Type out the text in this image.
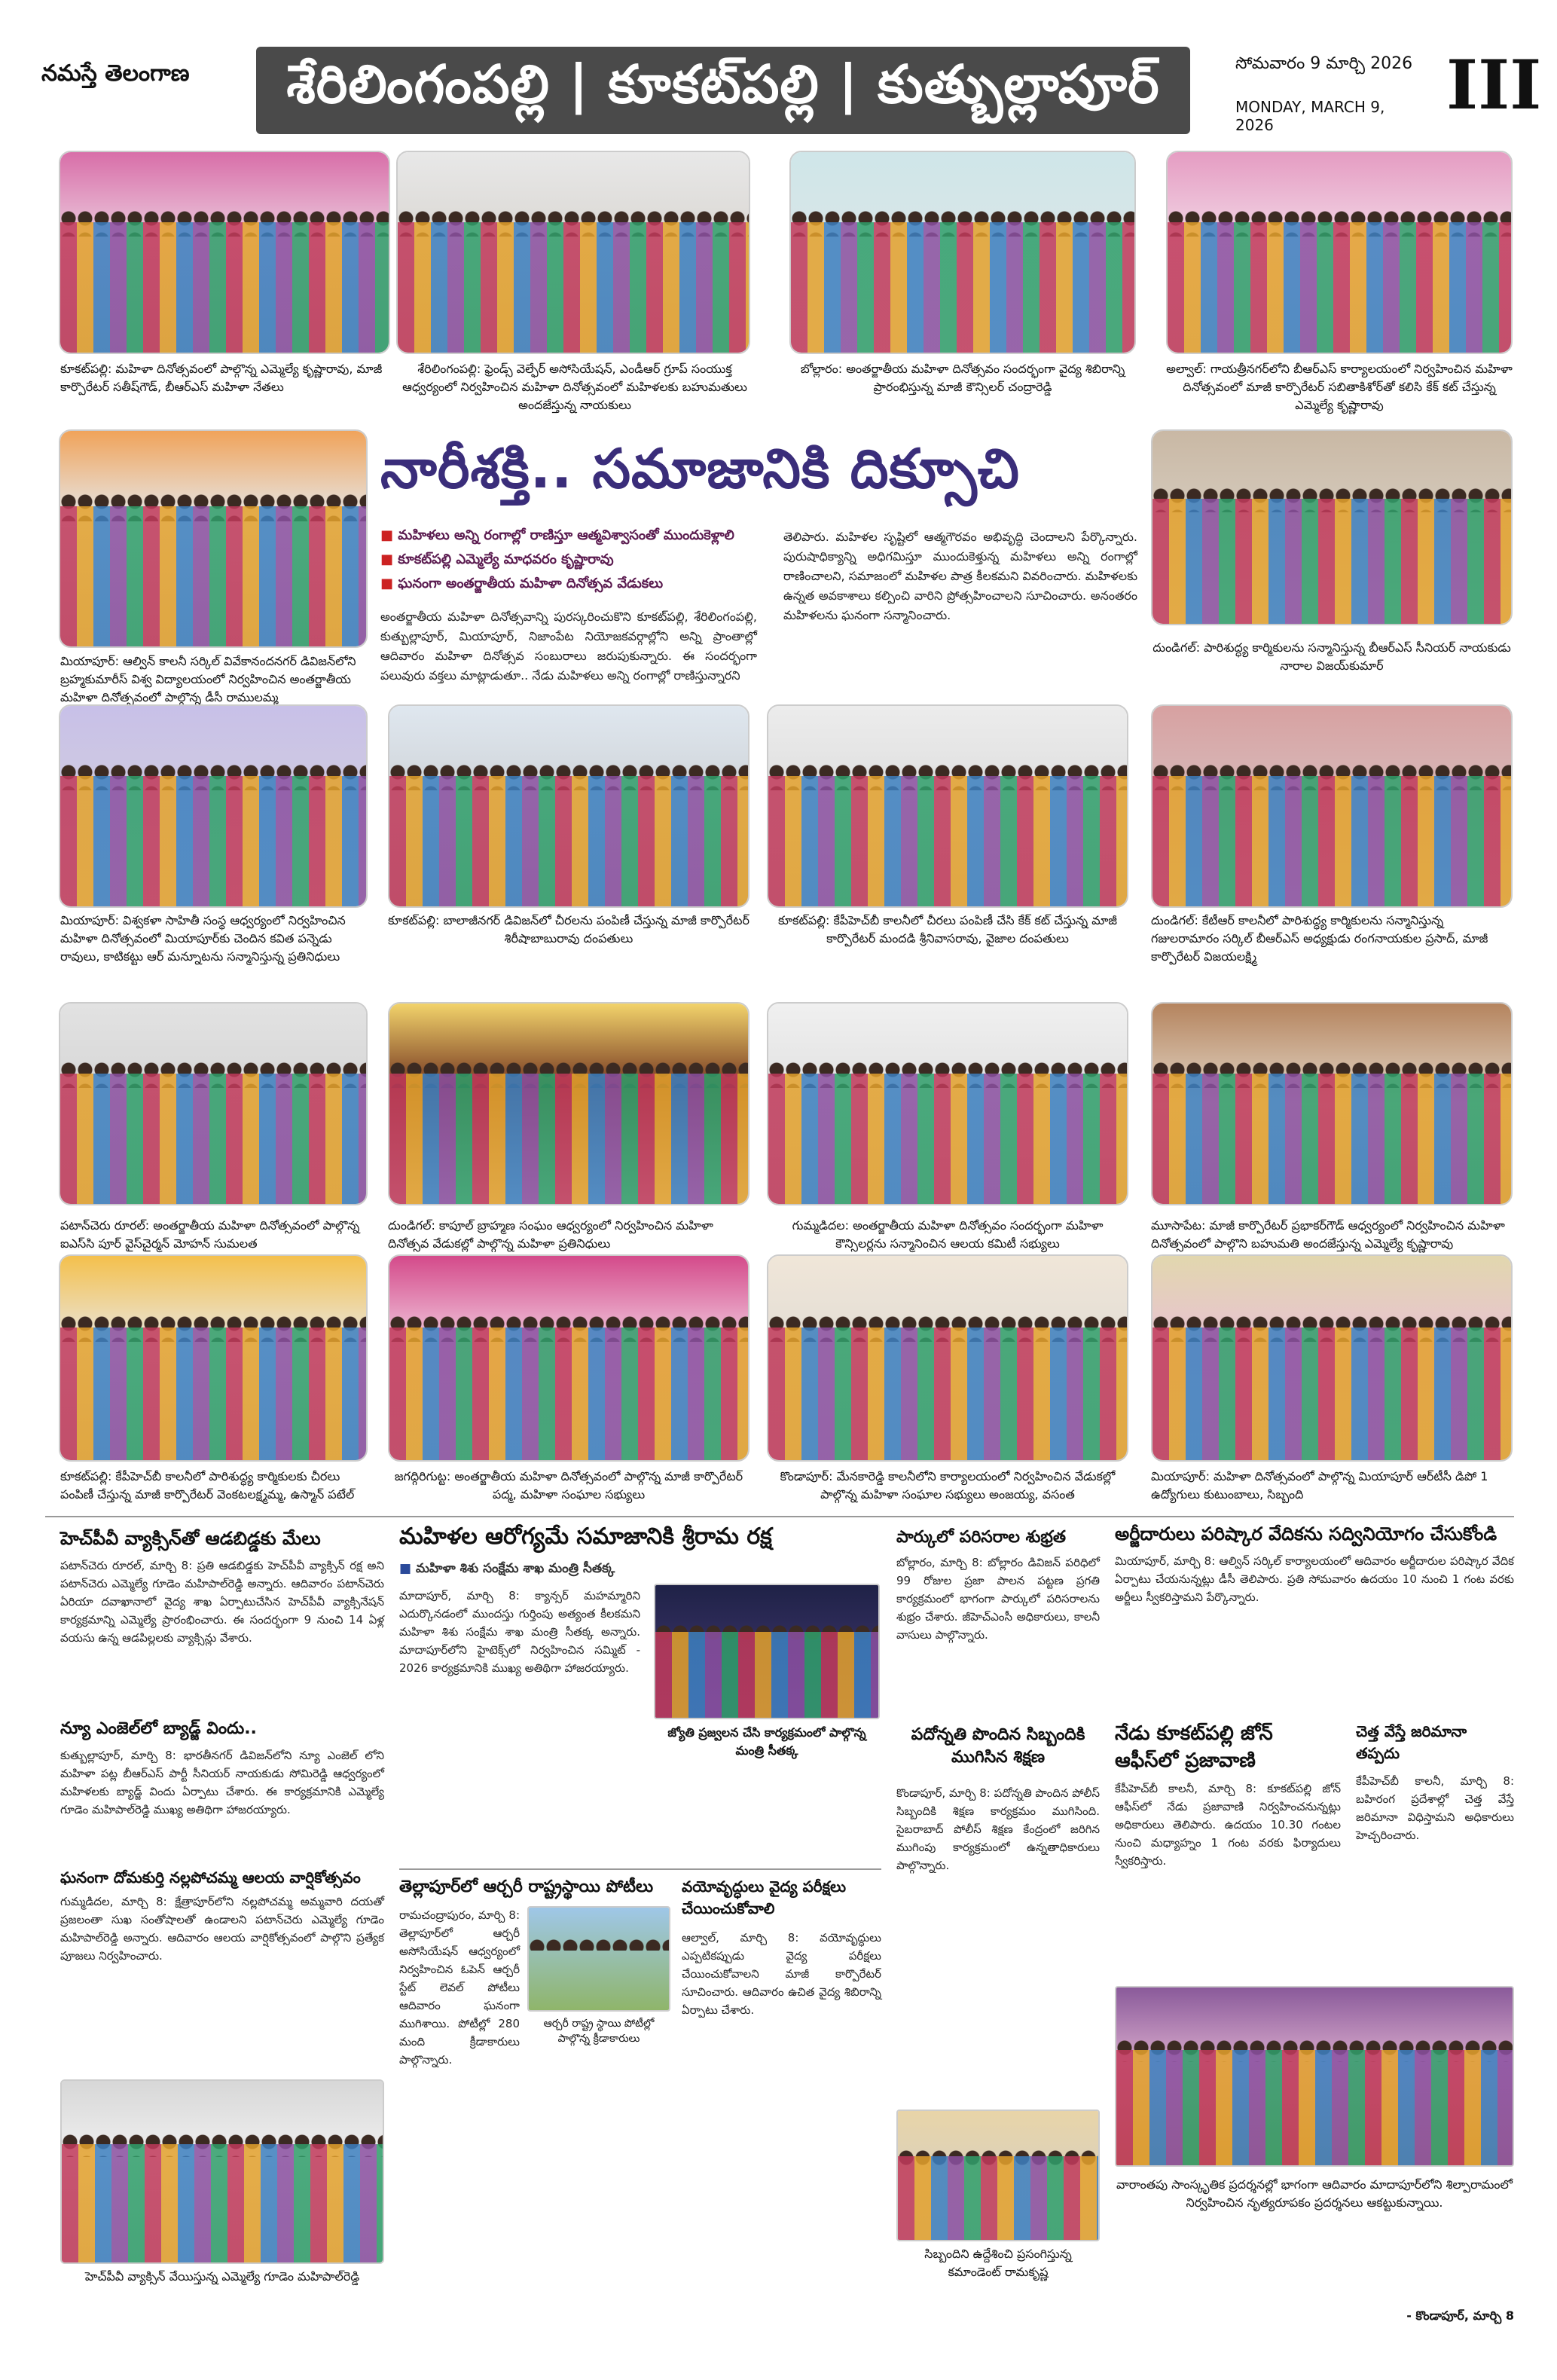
నమస్తే తెలంగాణ	శేరిలింగంపల్లి | కూకట్‌పల్లి | కుత్బుల్లాపూర్	సోమవారం 9 మార్చి 2026
MONDAY, MARCH 9, 2026	III
కూకట్‌పల్లి: మహిళా దినోత్సవంలో పాల్గొన్న ఎమ్మెల్యే కృష్ణారావు, మాజీ కార్పొరేటర్ సతీష్‌గౌడ్, బీఆర్‌ఎస్ మహిళా నేతలు
శేరిలింగంపల్లి: ఫ్రెండ్స్ వెల్ఫేర్ అసోసియేషన్, ఎండీఆర్ గ్రూప్ సంయుక్త ఆధ్వర్యంలో నిర్వహించిన మహిళా దినోత్సవంలో మహిళలకు బహుమతులు అందజేస్తున్న నాయకులు
బోల్లారం: అంతర్జాతీయ మహిళా దినోత్సవం సందర్భంగా వైద్య శిబిరాన్ని ప్రారంభిస్తున్న మాజీ కౌన్సిలర్ చంద్రారెడ్డి
అల్వాల్: గాయత్రీనగర్‌లోని బీఆర్‌ఎస్ కార్యాలయంలో నిర్వహించిన మహిళా దినోత్సవంలో మాజీ కార్పొరేటర్ సబితాకిశోర్‌తో కలిసి కేక్ కట్ చేస్తున్న ఎమ్మెల్యే కృష్ణారావు
మియాపూర్: ఆల్విన్ కాలనీ సర్కిల్ వివేకానందనగర్ డివిజన్‌లోని బ్రహ్మకుమారీస్ విశ్వ విద్యాలయంలో నిర్వహించిన అంతర్జాతీయ మహిళా దినోత్సవంలో పాల్గొన్న డీసీ రాములమ్మ
నారీశక్తి.. సమాజానికి దిక్సూచి
■ మహిళలు అన్ని రంగాల్లో రాణిస్తూ ఆత్మవిశ్వాసంతో ముందుకెళ్లాలి
■ కూకట్‌పల్లి ఎమ్మెల్యే మాధవరం కృష్ణారావు
■ ఘనంగా అంతర్జాతీయ మహిళా దినోత్సవ వేడుకలు
అంతర్జాతీయ మహిళా దినోత్సవాన్ని పురస్కరించుకొని కూకట్‌పల్లి, శేరిలింగంపల్లి, కుత్బుల్లాపూర్, మియాపూర్, నిజాంపేట నియోజకవర్గాల్లోని అన్ని ప్రాంతాల్లో ఆదివారం మహిళా దినోత్సవ సంబురాలు జరుపుకున్నారు. ఈ సందర్భంగా పలువురు వక్తలు మాట్లాడుతూ.. నేడు మహిళలు అన్ని రంగాల్లో రాణిస్తున్నారని
తెలిపారు. మహిళల సృష్టిలో ఆత్మగౌరవం అభివృద్ధి చెందాలని పేర్కొన్నారు. పురుషాధిక్యాన్ని అధిగమిస్తూ ముందుకెళ్తున్న మహిళలు అన్ని రంగాల్లో రాణించాలని, సమాజంలో మహిళల పాత్ర కీలకమని వివరించారు. మహిళలకు ఉన్నత అవకాశాలు కల్పించి వారిని ప్రోత్సహించాలని సూచించారు. అనంతరం మహిళలను ఘనంగా సన్మానించారు.
దుండిగల్: పారిశుద్ధ్య కార్మికులను సన్మానిస్తున్న బీఆర్‌ఎస్ సీనియర్ నాయకుడు నారాల విజయ్‌కుమార్
మియాపూర్: విశ్వకళా సాహితీ సంస్థ ఆధ్వర్యంలో నిర్వహించిన మహిళా దినోత్సవంలో మియాపూర్‌కు చెందిన కవిత పన్నెడు రావులు, కాటికట్టు ఆర్ మన్నూటను సన్మానిస్తున్న ప్రతినిధులు
కూకట్‌పల్లి: బాలాజీనగర్ డివిజన్‌లో చీరలను పంపిణీ చేస్తున్న మాజీ కార్పొరేటర్ శిరీషాబాబురావు దంపతులు
కూకట్‌పల్లి: కేపీహెచ్‌బీ కాలనీలో చీరలు పంపిణీ చేసి కేక్ కట్ చేస్తున్న మాజీ కార్పొరేటర్ మందడి శ్రీనివాసరావు, వైజాల దంపతులు
దుండిగల్: కేటీఆర్ కాలనీలో పారిశుద్ధ్య కార్మికులను సన్మానిస్తున్న గజులరామారం సర్కిల్ బీఆర్‌ఎస్ అధ్యక్షుడు రంగనాయకుల ప్రసాద్, మాజీ కార్పొరేటర్ విజయలక్ష్మి
పటాన్‌చెరు రూరల్: అంతర్జాతీయ మహిళా దినోత్సవంలో పాల్గొన్న ఐఎస్‌సి పూర్ వైస్‌చైర్మన్ మోహన్ సుమలత
దుండిగల్: కాపూల్ బ్రాహ్మణ సంఘం ఆధ్వర్యంలో నిర్వహించిన మహిళా దినోత్సవ వేడుకల్లో పాల్గొన్న మహిళా ప్రతినిధులు
గుమ్మడిదల: అంతర్జాతీయ మహిళా దినోత్సవం సందర్భంగా మహిళా కౌన్సిలర్లను సన్మానించిన ఆలయ కమిటీ సభ్యులు
మూసాపేట: మాజీ కార్పొరేటర్ ప్రభాకర్‌గౌడ్ ఆధ్వర్యంలో నిర్వహించిన మహిళా దినోత్సవంలో పాల్గొని బహుమతి అందజేస్తున్న ఎమ్మెల్యే కృష్ణారావు
కూకట్‌పల్లి: కేపీహెచ్‌బీ కాలనీలో పారిశుద్ధ్య కార్మికులకు చీరలు పంపిణీ చేస్తున్న మాజీ కార్పొరేటర్ వెంకటలక్ష్మమ్మ, ఉస్మాన్ పటేల్
జగద్గిరిగుట్ట: అంతర్జాతీయ మహిళా దినోత్సవంలో పాల్గొన్న మాజీ కార్పొరేటర్ పద్మ, మహిళా సంఘాల సభ్యులు
కొండాపూర్: మేనకారెడ్డి కాలనీలోని కార్యాలయంలో నిర్వహించిన వేడుకల్లో పాల్గొన్న మహిళా సంఘాల సభ్యులు అంజయ్య, వసంత
మియాపూర్: మహిళా దినోత్సవంలో పాల్గొన్న మియాపూర్ ఆర్‌టీసీ డిపో 1 ఉద్యోగులు కుటుంబాలు, సిబ్బంది
హెచ్‌పీవీ వ్యాక్సిన్‌తో ఆడబిడ్డకు మేలు
పటాన్‌చెరు రూరల్, మార్చి 8: ప్రతి ఆడబిడ్డకు హెచ్‌పీవీ వ్యాక్సిన్ రక్ష అని పటాన్‌చెరు ఎమ్మెల్యే గూడెం మహిపాల్‌రెడ్డి అన్నారు. ఆదివారం పటాన్‌చెరు ఏరియా దవాఖానాలో వైద్య శాఖ ఏర్పాటుచేసిన హెచ్‌పీవీ వ్యాక్సినేషన్ కార్యక్రమాన్ని ఎమ్మెల్యే ప్రారంభించారు. ఈ సందర్భంగా 9 నుంచి 14 ఏళ్ల వయసు ఉన్న ఆడపిల్లలకు వ్యాక్సిన్లు వేశారు.
న్యూ ఎంజెల్‌లో బ్యాడ్జ్ విందు..
కుత్బుల్లాపూర్, మార్చి 8: భారతీనగర్ డివిజన్‌లోని న్యూ ఎంజెల్ లోని మహిళా పట్ల బీఆర్‌ఎస్ పార్టీ సీనియర్ నాయకుడు సోమిరెడ్డి ఆధ్వర్యంలో మహిళలకు బ్యాడ్జ్ విందు ఏర్పాటు చేశారు. ఈ కార్యక్రమానికి ఎమ్మెల్యే గూడెం మహిపాల్‌రెడ్డి ముఖ్య అతిథిగా హాజరయ్యారు.
ఘనంగా దోమకుర్తి నల్లపోచమ్మ ఆలయ వార్షికోత్సవం
గుమ్మడిదల, మార్చి 8: క్షేత్రాపూర్‌లోని నల్లపోచమ్మ అమ్మవారి దయతో ప్రజలంతా సుఖ సంతోషాలతో ఉండాలని పటాన్‌చెరు ఎమ్మెల్యే గూడెం మహిపాల్‌రెడ్డి అన్నారు. ఆదివారం ఆలయ వార్షికోత్సవంలో పాల్గొని ప్రత్యేక పూజలు నిర్వహించారు.
హెచ్‌పీవీ వ్యాక్సిన్ వేయిస్తున్న ఎమ్మెల్యే గూడెం మహిపాల్‌రెడ్డి
మహిళల ఆరోగ్యమే సమాజానికి శ్రీరామ రక్ష
■ మహిళా శిశు సంక్షేమ శాఖ మంత్రి సీతక్క
మాదాపూర్, మార్చి 8: క్యాన్సర్ మహమ్మారిని ఎదుర్కొనడంలో ముందస్తు గుర్తింపు అత్యంత కీలకమని మహిళా శిశు సంక్షేమ శాఖ మంత్రి సీతక్క అన్నారు. మాదాపూర్‌లోని హైటెక్స్‌లో నిర్వహించిన సమ్మిట్ - 2026 కార్యక్రమానికి ముఖ్య అతిథిగా హాజరయ్యారు.
జ్యోతి ప్రజ్వలన చేసి కార్యక్రమంలో పాల్గొన్న మంత్రి సీతక్క
తెల్లాపూర్‌లో ఆర్చరీ రాష్ట్రస్థాయి పోటీలు
రామచంద్రాపురం, మార్చి 8: తెల్లాపూర్‌లో ఆర్చరీ అసోసియేషన్ ఆధ్వర్యంలో నిర్వహించిన ఓపెన్ ఆర్చరీ స్టేట్ లెవల్ పోటీలు ఆదివారం ఘనంగా ముగిశాయి. పోటీల్లో 280 మంది క్రీడాకారులు పాల్గొన్నారు.
ఆర్చరీ రాష్ట్ర స్థాయి పోటీల్లో పాల్గొన్న క్రీడాకారులు
వయోవృద్ధులు వైద్య పరీక్షలు చేయించుకోవాలి
ఆల్వాల్, మార్చి 8: వయోవృద్ధులు ఎప్పటికప్పుడు వైద్య పరీక్షలు చేయించుకోవాలని మాజీ కార్పొరేటర్ సూచించారు. ఆదివారం ఉచిత వైద్య శిబిరాన్ని ఏర్పాటు చేశారు.
పార్కులో పరిసరాల శుభ్రత
బోల్లారం, మార్చి 8: బోల్లారం డివిజన్ పరిధిలో 99 రోజుల ప్రజా పాలన పట్టణ ప్రగతి కార్యక్రమంలో భాగంగా పార్కులో పరిసరాలను శుభ్రం చేశారు. జీహెచ్‌ఎంసీ అధికారులు, కాలనీ వాసులు పాల్గొన్నారు.
పదోన్నతి పొందిన సిబ్బందికి ముగిసిన శిక్షణ
కొండాపూర్, మార్చి 8: పదోన్నతి పొందిన పోలీస్ సిబ్బందికి శిక్షణ కార్యక్రమం ముగిసింది. సైబరాబాద్ పోలీస్ శిక్షణ కేంద్రంలో జరిగిన ముగింపు కార్యక్రమంలో ఉన్నతాధికారులు పాల్గొన్నారు.
సిబ్బందిని ఉద్దేశించి ప్రసంగిస్తున్న కమాండెంట్ రామకృష్ణ
అర్జీదారులు పరిష్కార వేదికను సద్వినియోగం చేసుకోండి
మియాపూర్, మార్చి 8: ఆల్విన్ సర్కిల్ కార్యాలయంలో ఆదివారం అర్జీదారుల పరిష్కార వేదిక ఏర్పాటు చేయనున్నట్లు డీసీ తెలిపారు. ప్రతి సోమవారం ఉదయం 10 నుంచి 1 గంట వరకు అర్జీలు స్వీకరిస్తామని పేర్కొన్నారు.
నేడు కూకట్‌పల్లి జోన్ ఆఫీస్‌లో ప్రజావాణి
కేపీహెచ్‌బీ కాలనీ, మార్చి 8: కూకట్‌పల్లి జోన్ ఆఫీస్‌లో నేడు ప్రజావాణి నిర్వహించనున్నట్లు అధికారులు తెలిపారు. ఉదయం 10.30 గంటల నుంచి మధ్యాహ్నం 1 గంట వరకు ఫిర్యాదులు స్వీకరిస్తారు.
చెత్త వేస్తే జరిమానా తప్పదు
కేపీహెచ్‌బీ కాలనీ, మార్చి 8: బహిరంగ ప్రదేశాల్లో చెత్త వేస్తే జరిమానా విధిస్తామని అధికారులు హెచ్చరించారు.
వారాంతపు సాంస్కృతిక ప్రదర్శనల్లో భాగంగా ఆదివారం మాదాపూర్‌లోని శిల్పారామంలో నిర్వహించిన నృత్యరూపకం ప్రదర్శనలు ఆకట్టుకున్నాయి.
- కొండాపూర్, మార్చి 8
